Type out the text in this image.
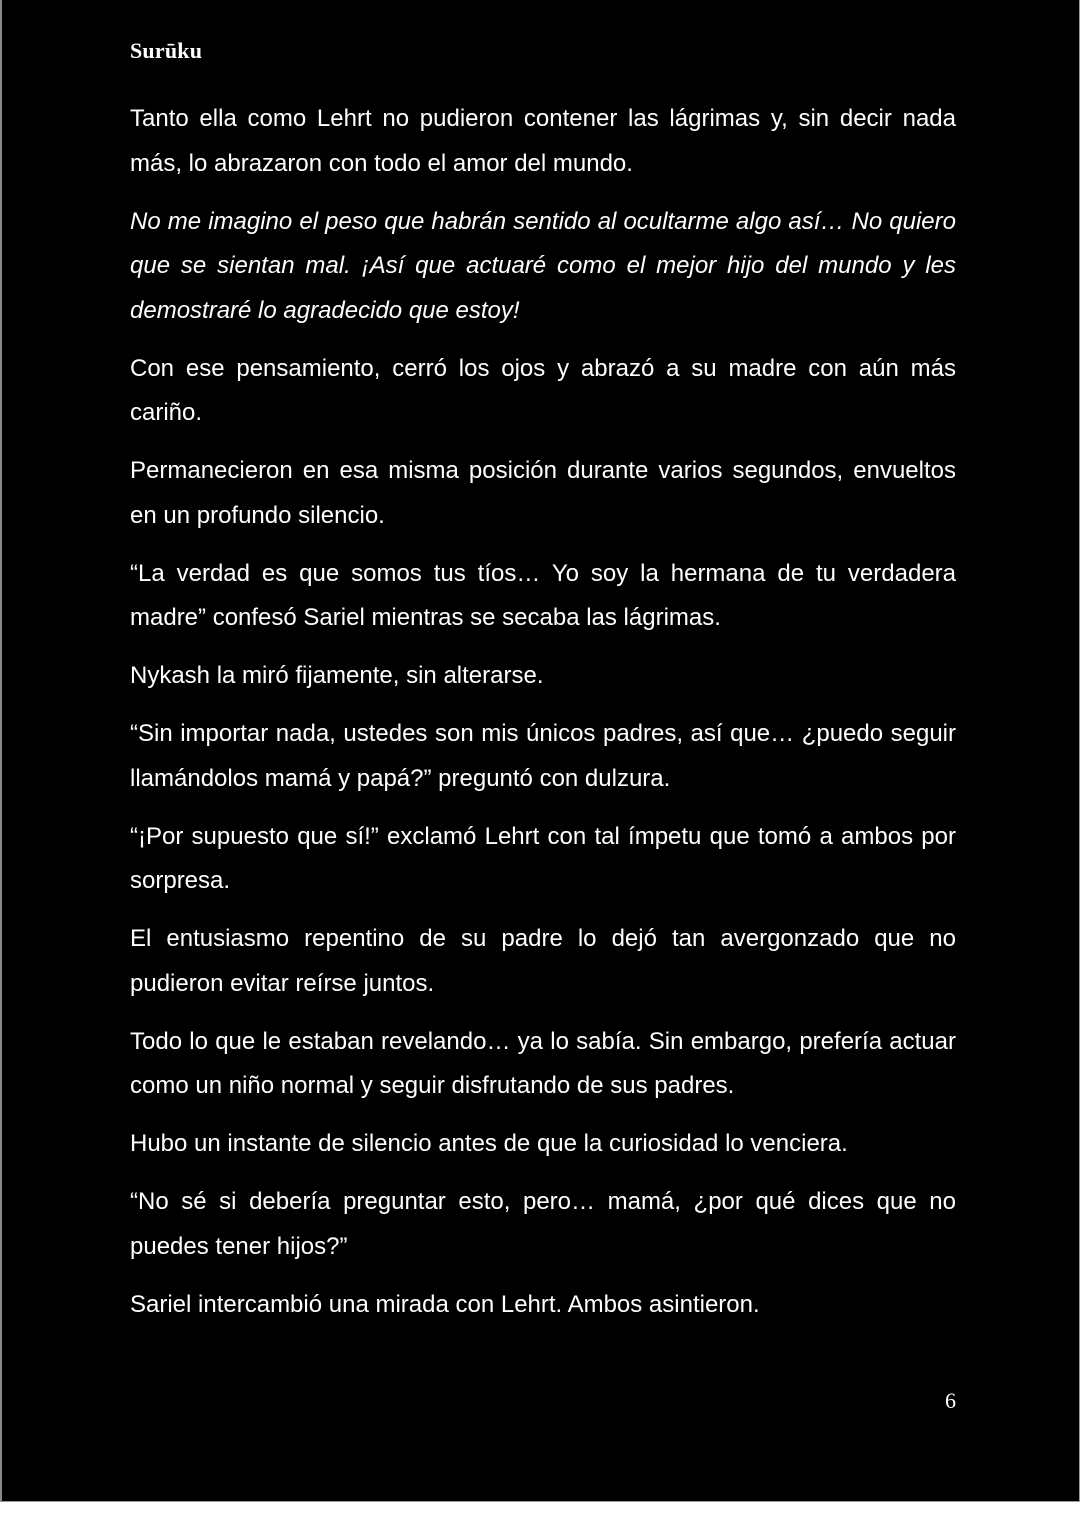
Surūku

Tanto ella como Lehrt no pudieron contener las lágrimas y, sin decir nada más, lo abrazaron con todo el amor del mundo.

No me imagino el peso que habrán sentido al ocultarme algo así… No quiero que se sientan mal. ¡Así que actuaré como el mejor hijo del mundo y les demostraré lo agradecido que estoy!

Con ese pensamiento, cerró los ojos y abrazó a su madre con aún más cariño.

Permanecieron en esa misma posición durante varios segundos, envueltos en un profundo silencio.

“La verdad es que somos tus tíos… Yo soy la hermana de tu verdadera madre” confesó Sariel mientras se secaba las lágrimas.

Nykash la miró fijamente, sin alterarse.

“Sin importar nada, ustedes son mis únicos padres, así que… ¿puedo seguir llamándolos mamá y papá?” preguntó con dulzura.

“¡Por supuesto que sí!” exclamó Lehrt con tal ímpetu que tomó a ambos por sorpresa.

El entusiasmo repentino de su padre lo dejó tan avergonzado que no pudieron evitar reírse juntos.

Todo lo que le estaban revelando… ya lo sabía. Sin embargo, prefería actuar como un niño normal y seguir disfrutando de sus padres.

Hubo un instante de silencio antes de que la curiosidad lo venciera.

“No sé si debería preguntar esto, pero… mamá, ¿por qué dices que no puedes tener hijos?”

Sariel intercambió una mirada con Lehrt. Ambos asintieron.

6
